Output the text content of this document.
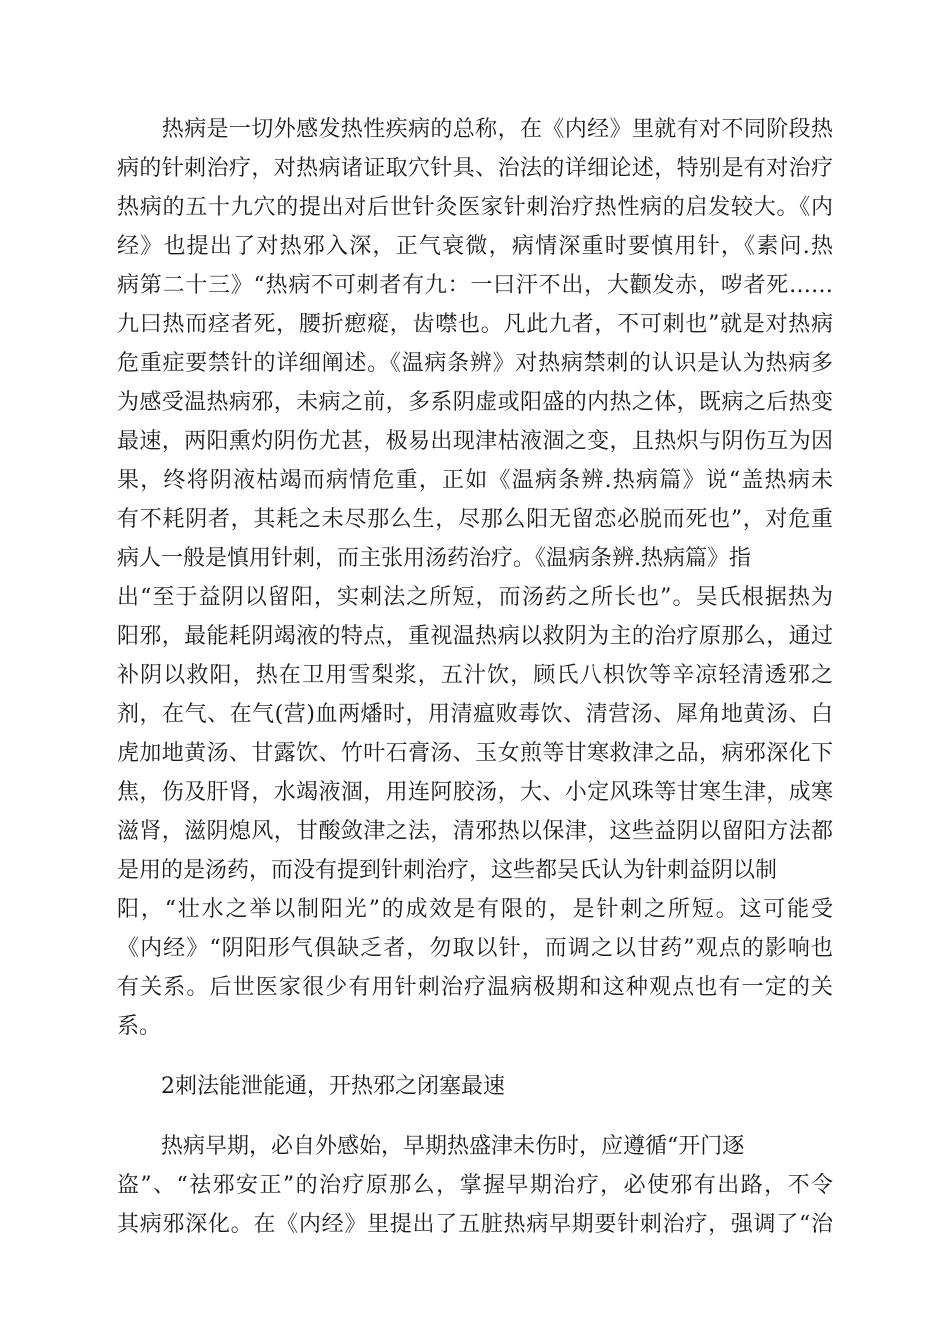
　　热病是一切外感发热性疾病的总称，在《内经》里就有对不同阶段热
病的针刺治疗，对热病诸证取穴针具、治法的详细论述，特别是有对治疗
热病的五十九穴的提出对后世针灸医家针刺治疗热性病的启发较大。《内
经》也提出了对热邪入深，正气衰微，病情深重时要慎用针，《素问.热
病第二十三》“热病不可刺者有九：一曰汗不出，大颧发赤，哕者死……
九曰热而痉者死，腰折瘛瘲，齿噤也。凡此九者，不可刺也”就是对热病
危重症要禁针的详细阐述。《温病条辨》对热病禁刺的认识是认为热病多
为感受温热病邪，未病之前，多系阴虚或阳盛的内热之体，既病之后热变
最速，两阳熏灼阴伤尤甚，极易出现津枯液涸之变，且热炽与阴伤互为因
果，终将阴液枯竭而病情危重，正如《温病条辨.热病篇》说“盖热病未
有不耗阴者，其耗之未尽那么生，尽那么阳无留恋必脱而死也”，对危重
病人一般是慎用针刺，而主张用汤药治疗。《温病条辨.热病篇》指
出“至于益阴以留阳，实刺法之所短，而汤药之所长也”。吴氏根据热为
阳邪，最能耗阴竭液的特点，重视温热病以救阴为主的治疗原那么，通过
补阴以救阳，热在卫用雪梨浆，五汁饮，顾氏八枳饮等辛凉轻清透邪之
剂，在气、在气(营)血两燔时，用清瘟败毒饮、清营汤、犀角地黄汤、白
虎加地黄汤、甘露饮、竹叶石膏汤、玉女煎等甘寒救津之品，病邪深化下
焦，伤及肝肾，水竭液涸，用连阿胶汤，大、小定风珠等甘寒生津，成寒
滋肾，滋阴熄风，甘酸敛津之法，清邪热以保津，这些益阴以留阳方法都
是用的是汤药，而没有提到针刺治疗，这些都吴氏认为针刺益阴以制
阳，“壮水之举以制阳光”的成效是有限的，是针刺之所短。这可能受
《内经》“阴阳形气俱缺乏者，勿取以针，而调之以甘药”观点的影响也
有关系。后世医家很少有用针刺治疗温病极期和这种观点也有一定的关
系。
　　2刺法能泄能通，开热邪之闭塞最速
　　热病早期，必自外感始，早期热盛津未伤时，应遵循“开门逐
盗”、“祛邪安正”的治疗原那么，掌握早期治疗，必使邪有出路，不令
其病邪深化。在《内经》里提出了五脏热病早期要针刺治疗，强调了“治
